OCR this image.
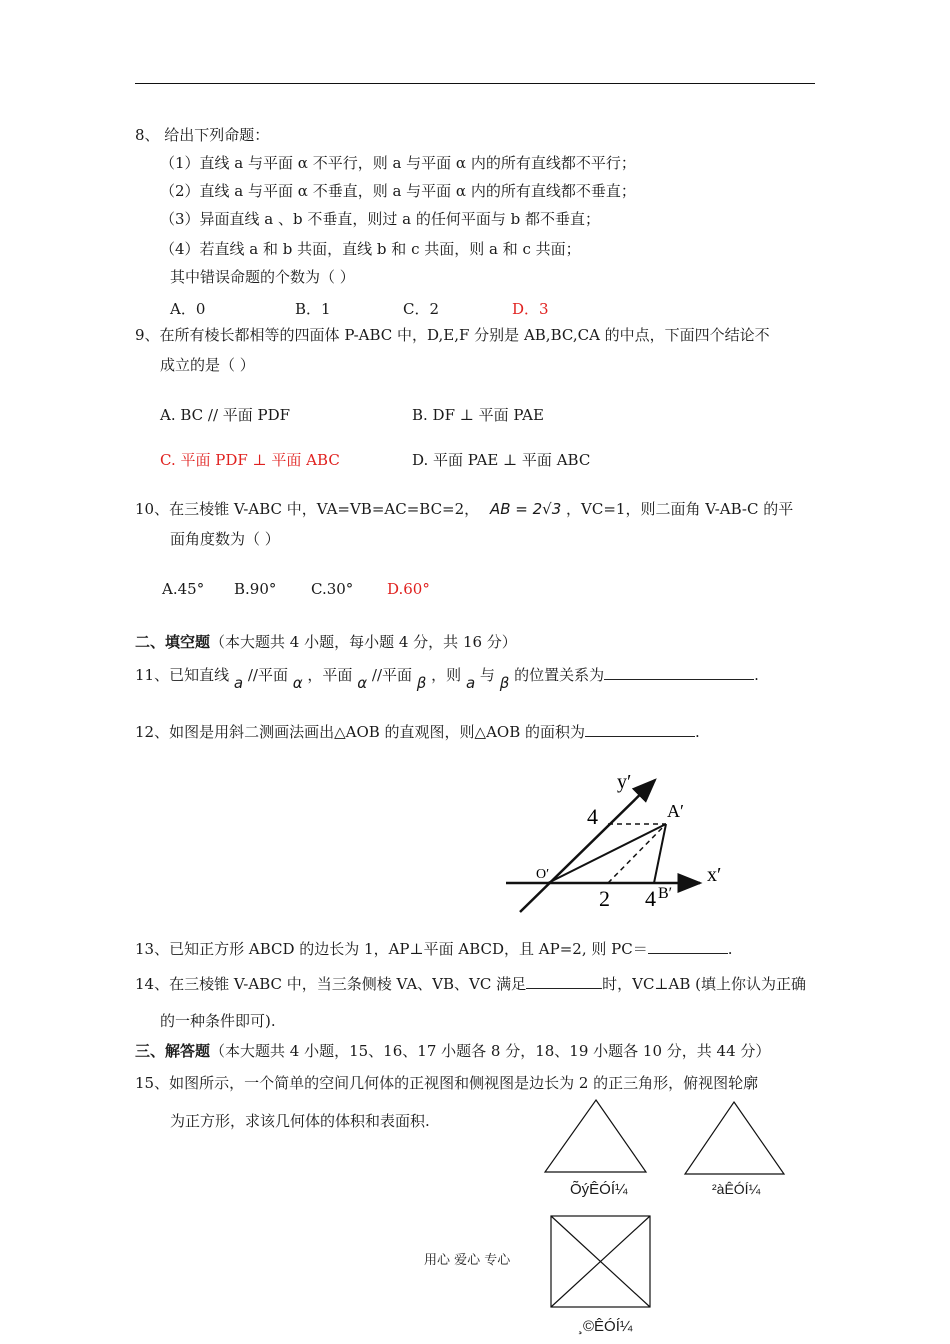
8、 给出下列命题：
（1）直线 a 与平面 α 不平行，则 a 与平面 α 内的所有直线都不平行；
（2）直线 a 与平面 α 不垂直，则 a 与平面 α 内的所有直线都不垂直；
（3）异面直线 a 、b 不垂直，则过 a 的任何平面与 b 都不垂直；
（4）若直线 a 和 b 共面，直线 b 和 c 共面，则 a 和 c 共面；
其中错误命题的个数为（ ）
A．0	B．1	C．2	D．3
9、在所有棱长都相等的四面体 P-ABC 中，D,E,F 分别是 AB,BC,CA 的中点，下面四个结论不
成立的是（ ）
A. BC // 平面 PDF	B. DF ⊥ 平面 PAE
C. 平面 PDF ⊥ 平面 ABC	D. 平面 PAE ⊥ 平面 ABC
10、在三棱锥 V-ABC 中，VA=VB=AC=BC=2， AB = 2√3 ，VC=1，则二面角 V-AB-C 的平
面角度数为（ ）
A.45° B.90° C.30° D.60°
二、填空题（本大题共 4 小题，每小题 4 分，共 16 分）
11、已知直线 a //平面 α ，平面 α //平面 β ，则 a 与 β 的位置关系为	.
12、如图是用斜二测画法画出△AOB 的直观图，则△AOB 的面积为	.
y′
x′
O′
A′
B′
4
2 4
13、已知正方形 ABCD 的边长为 1，AP⊥平面 ABCD，且 AP=2, 则 PC＝	.
14、在三棱锥 V-ABC 中，当三条侧棱 VA、VB、VC 满足	时，VC⊥AB (填上你认为正确
的一种条件即可).
三、解答题（本大题共 4 小题，15、16、17 小题各 8 分，18、19 小题各 10 分，共 44 分）
15、如图所示，一个简单的空间几何体的正视图和侧视图是边长为 2 的正三角形，俯视图轮廓
为正方形，求该几何体的体积和表面积.
ÕýÊÓÍ¼	²àÊÓÍ¼
¸©ÊÓÍ¼
用心 爱心 专心
